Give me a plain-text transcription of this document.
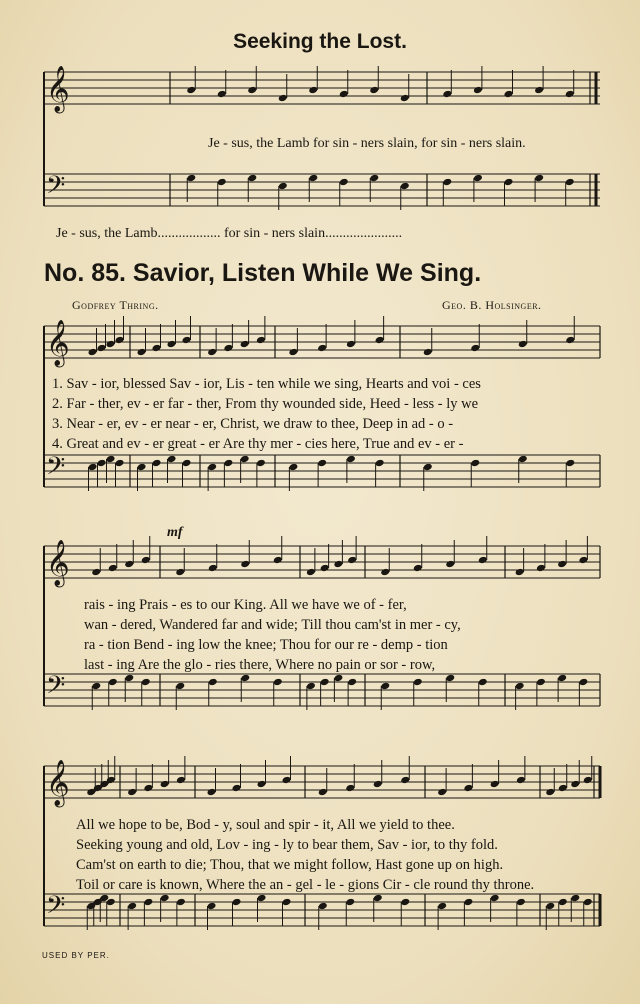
𝄞
𝄢
𝄞
𝄢
𝄞
𝄢
𝄞
𝄢
Seeking the Lost.
Je - sus, the Lamb for sin - ners slain, for sin - ners slain.
Je - sus, the Lamb.................. for sin - ners slain......................
No. 85. Savior, Listen While We Sing.
Godfrey Thring.	Geo. B. Holsinger.
1. Sav - ior, blessed Sav - ior, Lis - ten while we sing, Hearts and voi - ces
2. Far - ther, ev - er far - ther, From thy wounded side, Heed - less - ly we
3. Near - er, ev - er near - er, Christ, we draw to thee, Deep in ad - o -
4. Great and ev - er great - er Are thy mer - cies here, True and ev - er -
mf
rais - ing Prais - es to our King. All we have we of - fer,
wan - dered, Wandered far and wide; Till thou cam'st in mer - cy,
ra - tion Bend - ing low the knee; Thou for our re - demp - tion
last - ing Are the glo - ries there, Where no pain or sor - row,
All we hope to be, Bod - y, soul and spir - it, All we yield to thee.
Seeking young and old, Lov - ing - ly to bear them, Sav - ior, to thy fold.
Cam'st on earth to die; Thou, that we might follow, Hast gone up on high.
Toil or care is known, Where the an - gel - le - gions Cir - cle round thy throne.
USED BY PER.
